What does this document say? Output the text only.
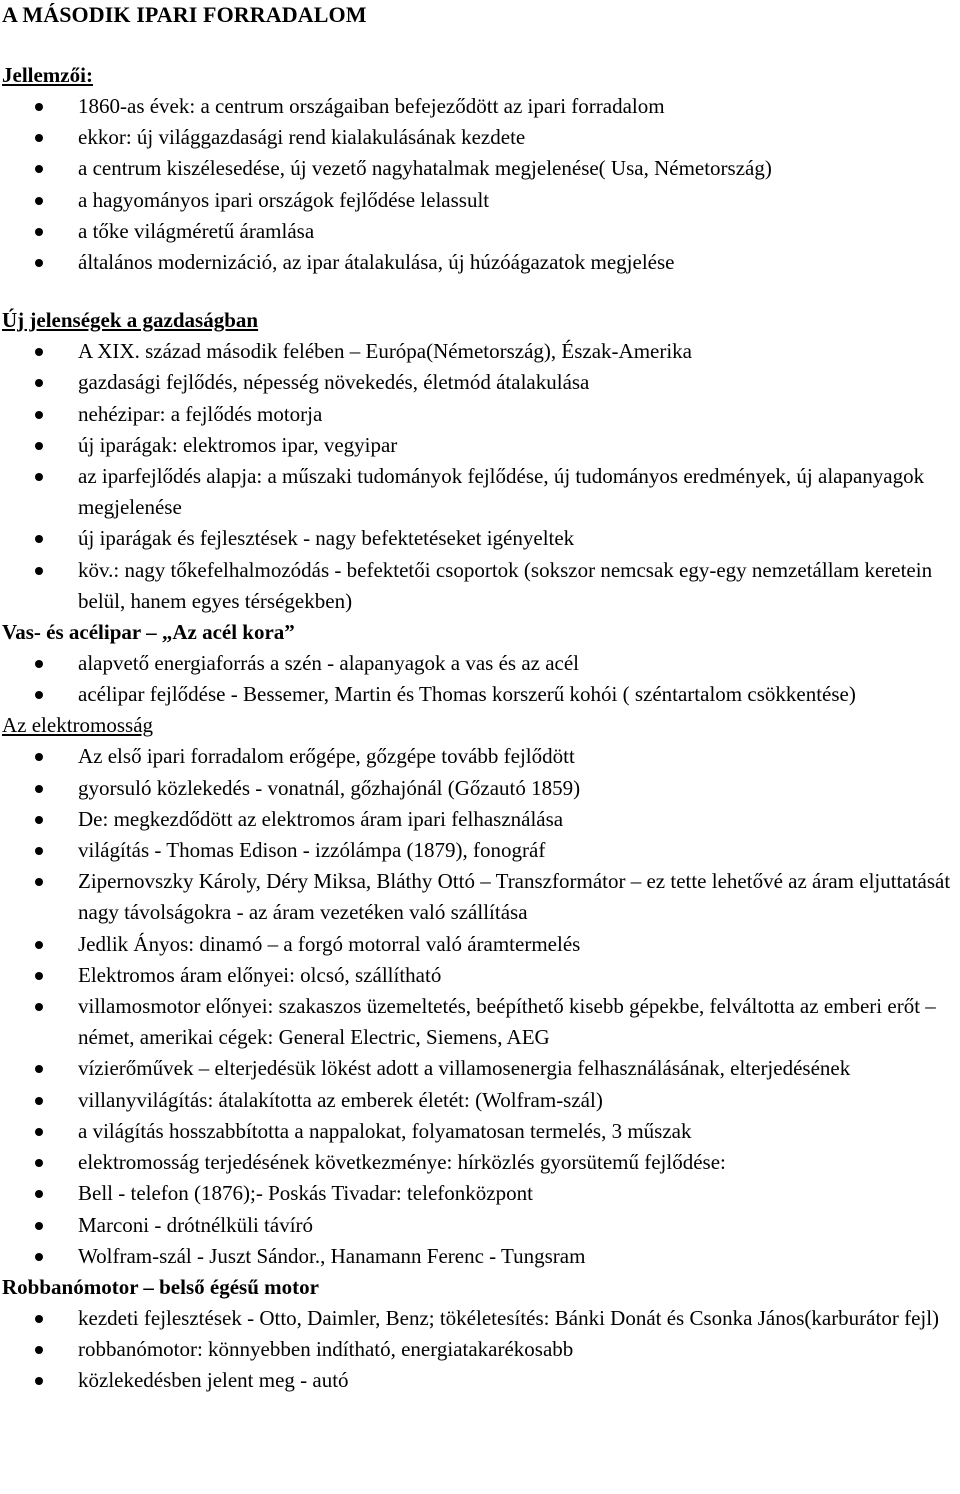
A MÁSODIK IPARI FORRADALOM
Jellemzői:
1860-as évek: a centrum országaiban befejeződött az ipari forradalom
ekkor: új világgazdasági rend kialakulásának kezdete
a centrum kiszélesedése, új vezető nagyhatalmak megjelenése( Usa, Németország)
a hagyományos ipari országok fejlődése lelassult
a tőke világméretű áramlása
általános modernizáció, az ipar átalakulása, új húzóágazatok megjelése
Új jelenségek a gazdaságban
A XIX. század második felében – Európa(Németország), Észak-Amerika
gazdasági fejlődés, népesség növekedés, életmód átalakulása
nehézipar: a fejlődés motorja
új iparágak: elektromos ipar, vegyipar
az iparfejlődés alapja: a műszaki tudományok fejlődése, új tudományos eredmények, új alapanyagok megjelenése
új iparágak és fejlesztések - nagy befektetéseket igényeltek
köv.: nagy tőkefelhalmozódás - befektetői csoportok (sokszor nemcsak egy-egy nemzetállam keretein belül, hanem egyes térségekben)
Vas- és acélipar – „Az acél kora”
alapvető energiaforrás a szén - alapanyagok a vas és az acél
acélipar fejlődése - Bessemer, Martin és Thomas korszerű kohói ( széntartalom csökkentése)
Az elektromosság
Az első ipari forradalom erőgépe, gőzgépe tovább fejlődött
gyorsuló közlekedés - vonatnál, gőzhajónál (Gőzautó 1859)
De: megkezdődött az elektromos áram ipari felhasználása
világítás - Thomas Edison - izzólámpa (1879), fonográf
Zipernovszky Károly, Déry Miksa, Bláthy Ottó – Transzformátor – ez tette lehetővé az áram eljuttatását nagy távolságokra - az áram vezetéken való szállítása
Jedlik Ányos: dinamó – a forgó motorral való áramtermelés
Elektromos áram előnyei: olcsó, szállítható
villamosmotor előnyei: szakaszos üzemeltetés, beépíthető kisebb gépekbe, felváltotta az emberi erőt – német, amerikai cégek: General Electric, Siemens, AEG
vízierőművek – elterjedésük lökést adott a villamosenergia felhasználásának, elterjedésének
villanyvilágítás: átalakította az emberek életét: (Wolfram-szál)
a világítás hosszabbította a nappalokat, folyamatosan termelés, 3 műszak
elektromosság terjedésének következménye: hírközlés gyorsütemű fejlődése:
Bell - telefon (1876);- Poskás Tivadar: telefonközpont
Marconi - drótnélküli távíró
Wolfram-szál - Juszt Sándor., Hanamann Ferenc - Tungsram
Robbanómotor – belső égésű motor
kezdeti fejlesztések - Otto, Daimler, Benz; tökéletesítés: Bánki Donát és Csonka János(karburátor fejl)
robbanómotor: könnyebben indítható, energiatakarékosabb
közlekedésben jelent meg - autó
